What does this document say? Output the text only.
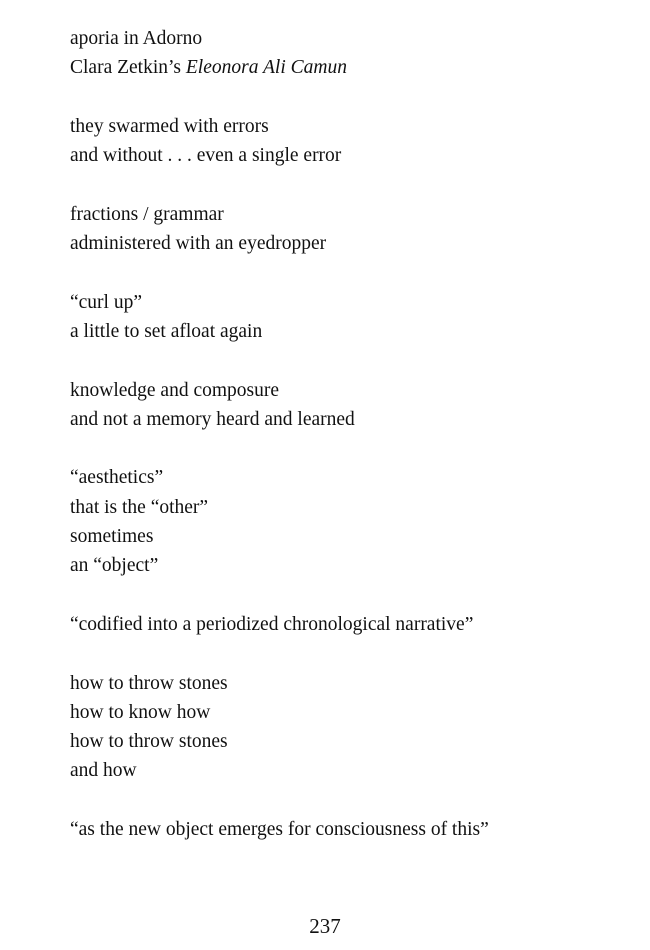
aporia in Adorno
Clara Zetkin’s Eleonora Ali Camun
they swarmed with errors
and without . . . even a single error
fractions / grammar
administered with an eyedropper
“curl up”
a little to set afloat again
knowledge and composure
and not a memory heard and learned
“aesthetics”
that is the “other”
sometimes
an “object”
“codified into a periodized chronological narrative”
how to throw stones
how to know how
how to throw stones
and how
“as the new object emerges for consciousness of this”
237
